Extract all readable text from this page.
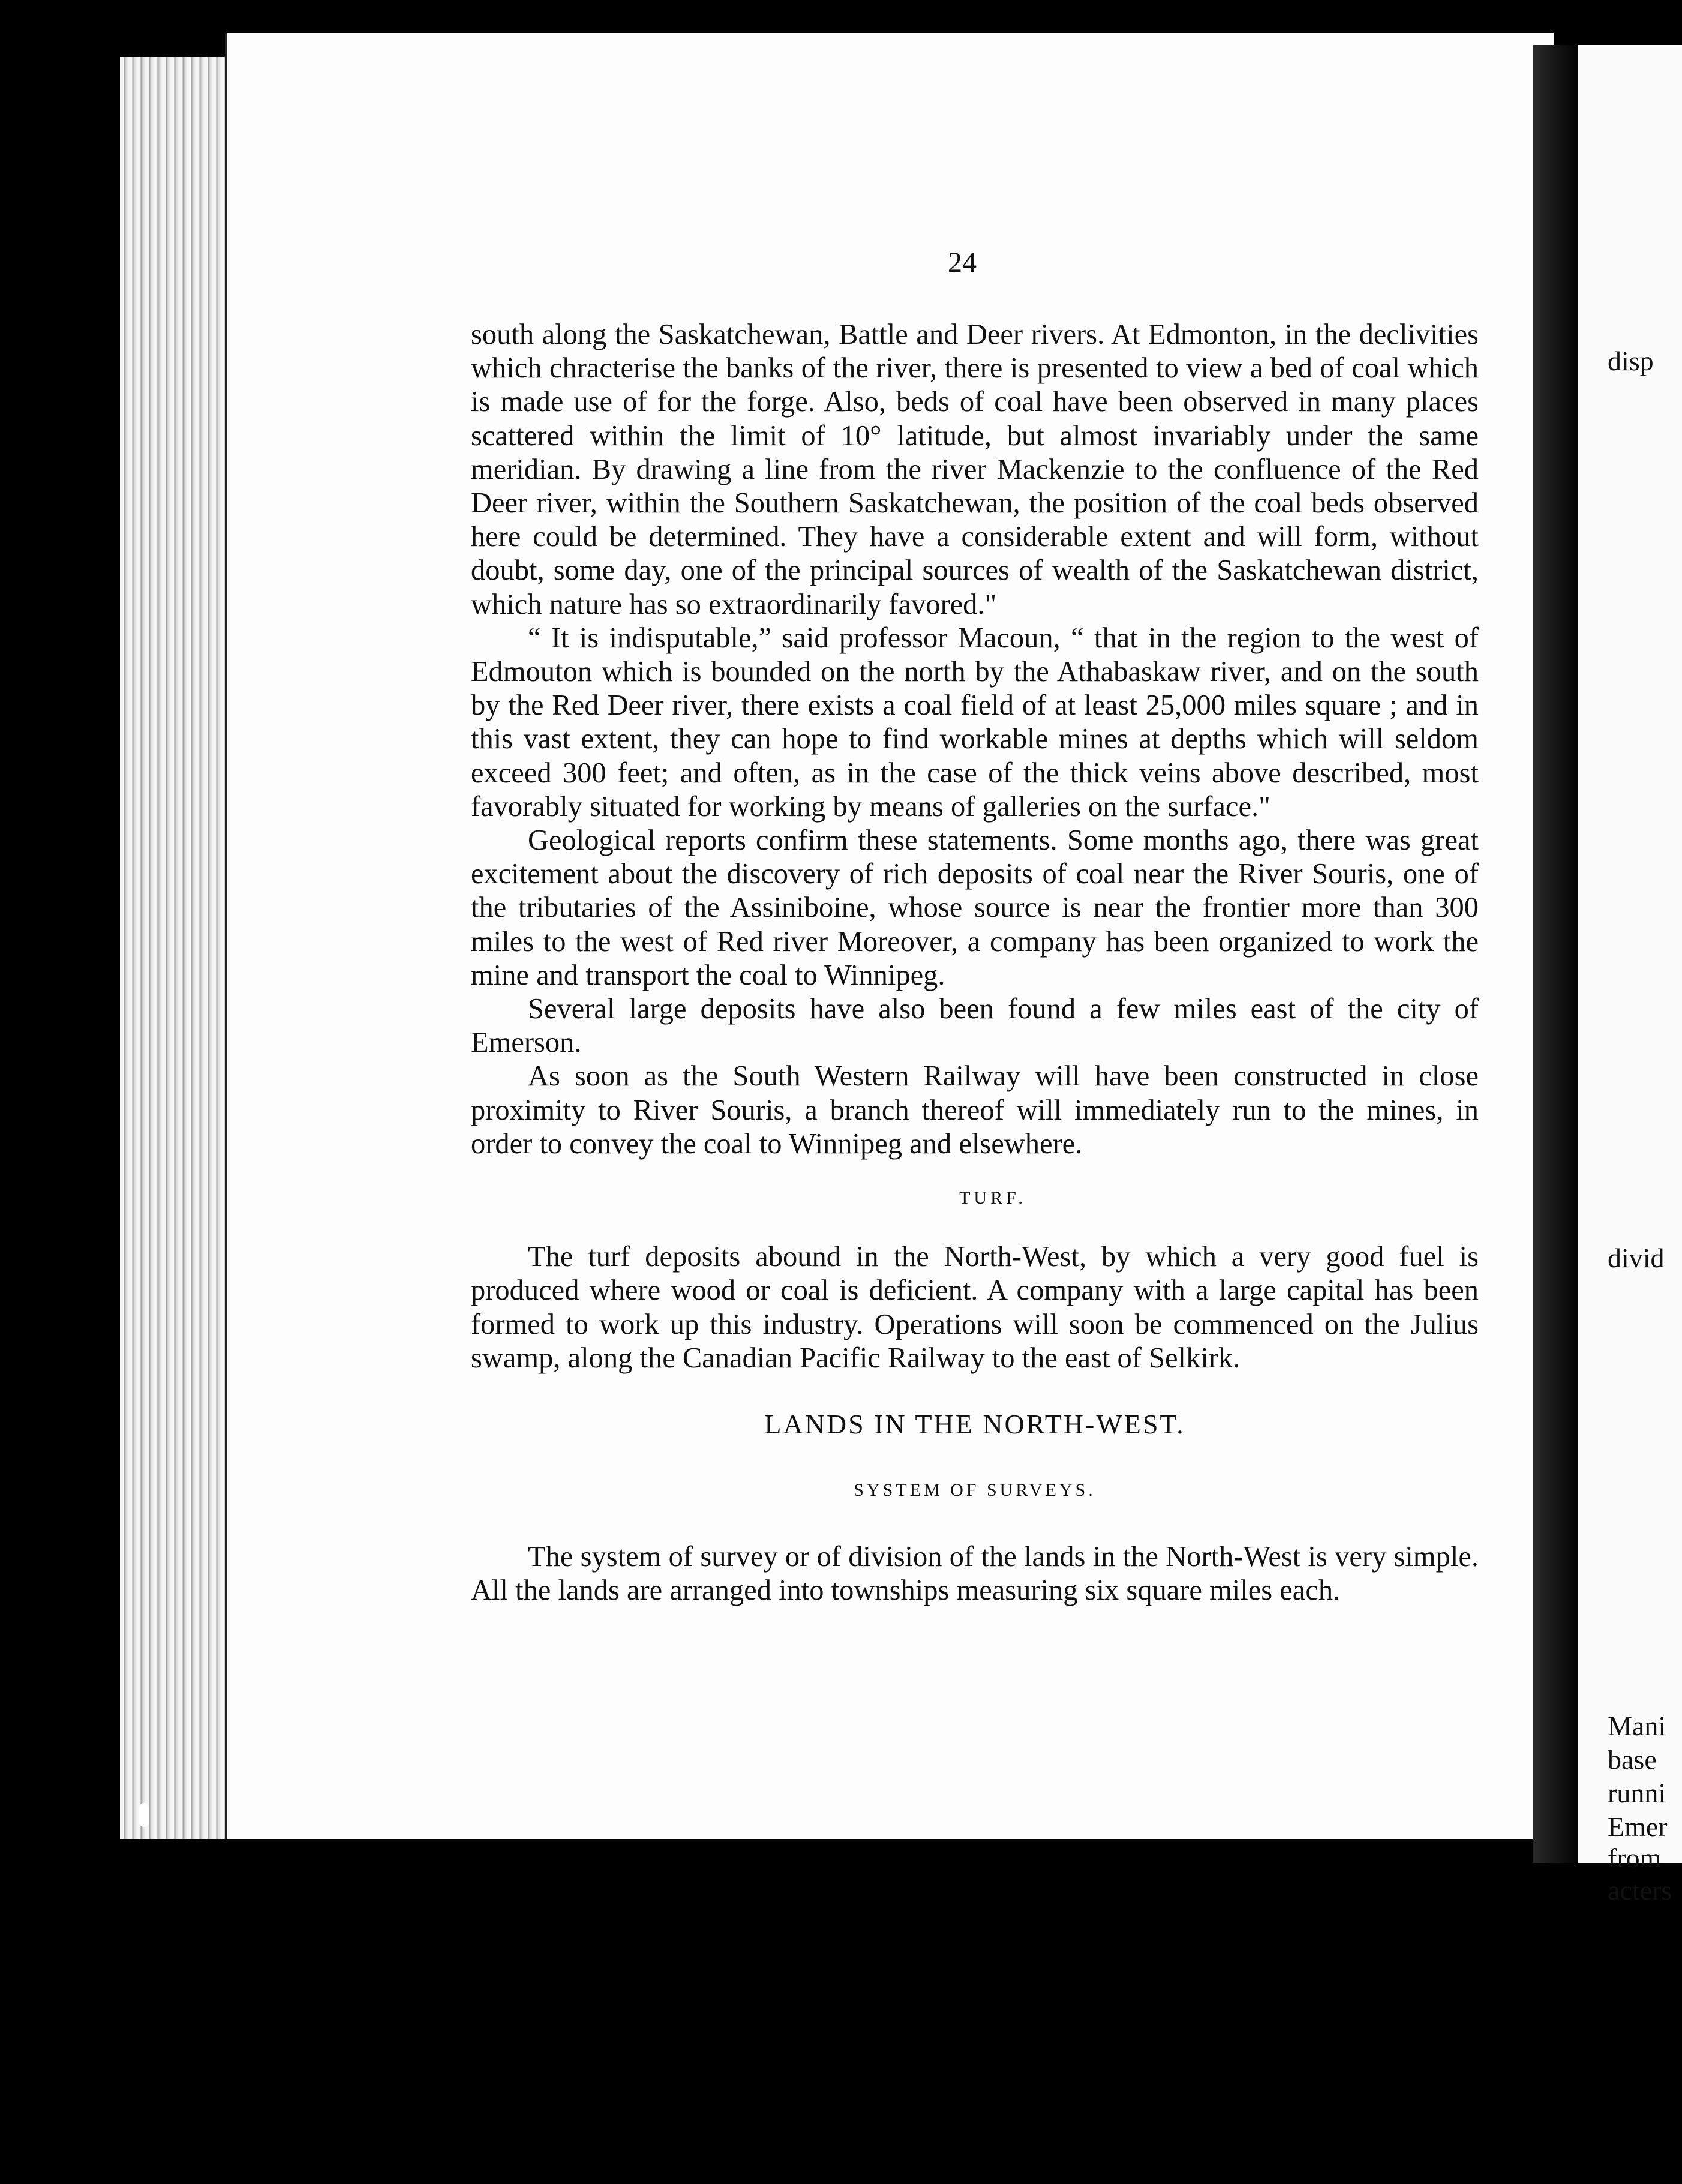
disp
divid
Mani
base
runni
Emer
from
acters
24

south along the Saskatchewan, Battle and Deer rivers. At Edmonton, in the declivities which chracterise the banks of the river, there is presented to view a bed of coal which is made use of for the forge. Also, beds of coal have been observed in many places scattered within the limit of 10° latitude, but almost invariably under the same meridian. By drawing a line from the river Mackenzie to the confluence of the Red Deer river, within the Southern Saskatchewan, the position of the coal beds observed here could be determined. They have a considerable extent and will form, without doubt, some day, one of the principal sources of wealth of the Saskatchewan district, which nature has so extraordinarily favored."

“ It is indisputable,” said professor Macoun, “ that in the region to the west of Edmouton which is bounded on the north by the Athabaskaw river, and on the south by the Red Deer river, there exists a coal field of at least 25,000 miles square ; and in this vast extent, they can hope to find workable mines at depths which will seldom exceed 300 feet; and often, as in the case of the thick veins above described, most favorably situated for working by means of galleries on the surface."

Geological reports confirm these statements. Some months ago, there was great excitement about the discovery of rich deposits of coal near the River Souris, one of the tributaries of the Assiniboine, whose source is near the frontier more than 300 miles to the west of Red river Moreover, a company has been organized to work the mine and transport the coal to Winnipeg.

Several large deposits have also been found a few miles east of the city of Emerson.

As soon as the South Western Railway will have been constructed in close proximity to River Souris, a branch thereof will immediately run to the mines, in order to convey the coal to Winnipeg and elsewhere.

TURF.

The turf deposits abound in the North-West, by which a very good fuel is produced where wood or coal is deficient. A company with a large capital has been formed to work up this industry. Operations will soon be commenced on the Julius swamp, along the Canadian Pacific Railway to the east of Selkirk.

LANDS IN THE NORTH-WEST.
SYSTEM OF SURVEYS.

The system of survey or of division of the lands in the North-West is very simple. All the lands are arranged into townships measuring six square miles each.
